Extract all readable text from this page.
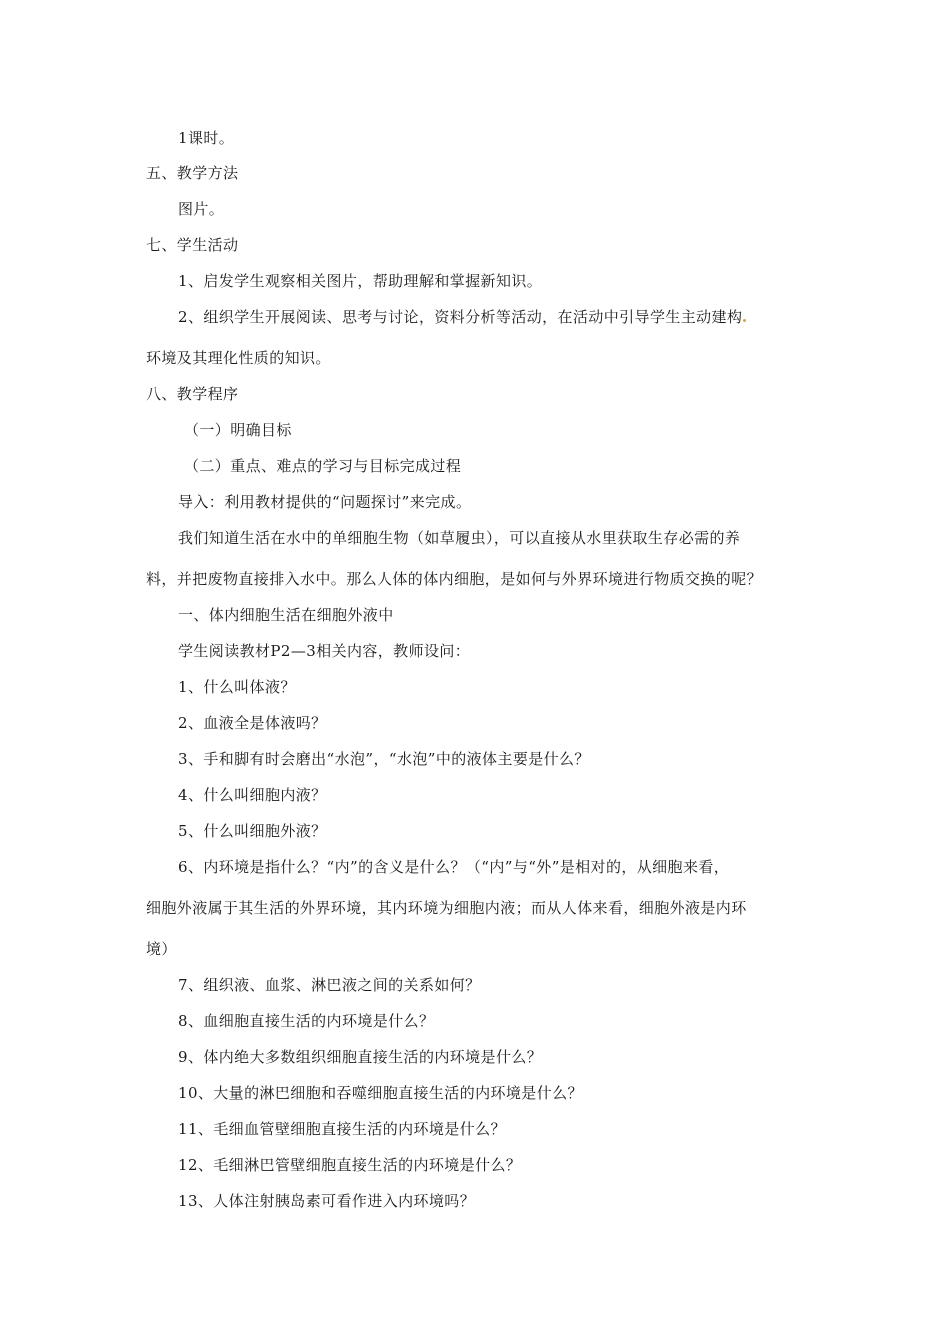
1课时。
五、教学方法
图片。
七、学生活动
1、启发学生观察相关图片，帮助理解和掌握新知识。
2、组织学生开展阅读、思考与讨论，资料分析等活动，在活动中引导学生主动建构
环境及其理化性质的知识。
八、教学程序
（一）明确目标
（二）重点、难点的学习与目标完成过程
导入：利用教材提供的“问题探讨”来完成。
我们知道生活在水中的单细胞生物（如草履虫），可以直接从水里获取生存必需的养
料，并把废物直接排入水中。那么人体的体内细胞，是如何与外界环境进行物质交换的呢？
一、体内细胞生活在细胞外液中
学生阅读教材P2—3相关内容，教师设问：
1、什么叫体液？
2、血液全是体液吗？
3、手和脚有时会磨出“水泡”，“水泡”中的液体主要是什么？
4、什么叫细胞内液？
5、什么叫细胞外液？
6、内环境是指什么？“内”的含义是什么？（“内”与“外”是相对的，从细胞来看，
细胞外液属于其生活的外界环境，其内环境为细胞内液；而从人体来看，细胞外液是内环
境）
7、组织液、血浆、淋巴液之间的关系如何？
8、血细胞直接生活的内环境是什么？
9、体内绝大多数组织细胞直接生活的内环境是什么？
10、大量的淋巴细胞和吞噬细胞直接生活的内环境是什么？
11、毛细血管壁细胞直接生活的内环境是什么？
12、毛细淋巴管壁细胞直接生活的内环境是什么？
13、人体注射胰岛素可看作进入内环境吗？
